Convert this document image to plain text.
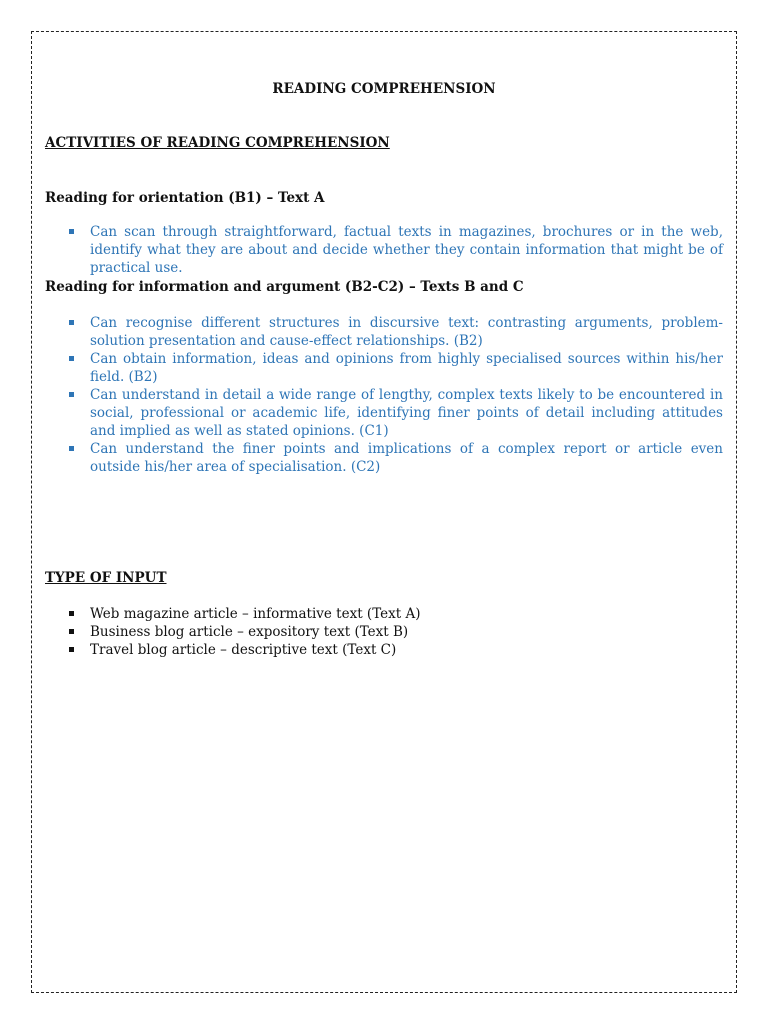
READING COMPREHENSION

ACTIVITIES OF READING COMPREHENSION

Reading for orientation (B1) – Text A

Can scan through straightforward, factual texts in magazines, brochures or in the web, identify what they are about and decide whether they contain information that might be of practical use.

Reading for information and argument (B2-C2) – Texts B and C

Can recognise different structures in discursive text: contrasting arguments, problem-solution presentation and cause-effect relationships. (B2)
Can obtain information, ideas and opinions from highly specialised sources within his/her field. (B2)
Can understand in detail a wide range of lengthy, complex texts likely to be encountered in social, professional or academic life, identifying finer points of detail including attitudes and implied as well as stated opinions. (C1)
Can understand the finer points and implications of a complex report or article even outside his/her area of specialisation. (C2)

TYPE OF INPUT

Web magazine article – informative text (Text A)
Business blog article – expository text (Text B)
Travel blog article – descriptive text (Text C)
